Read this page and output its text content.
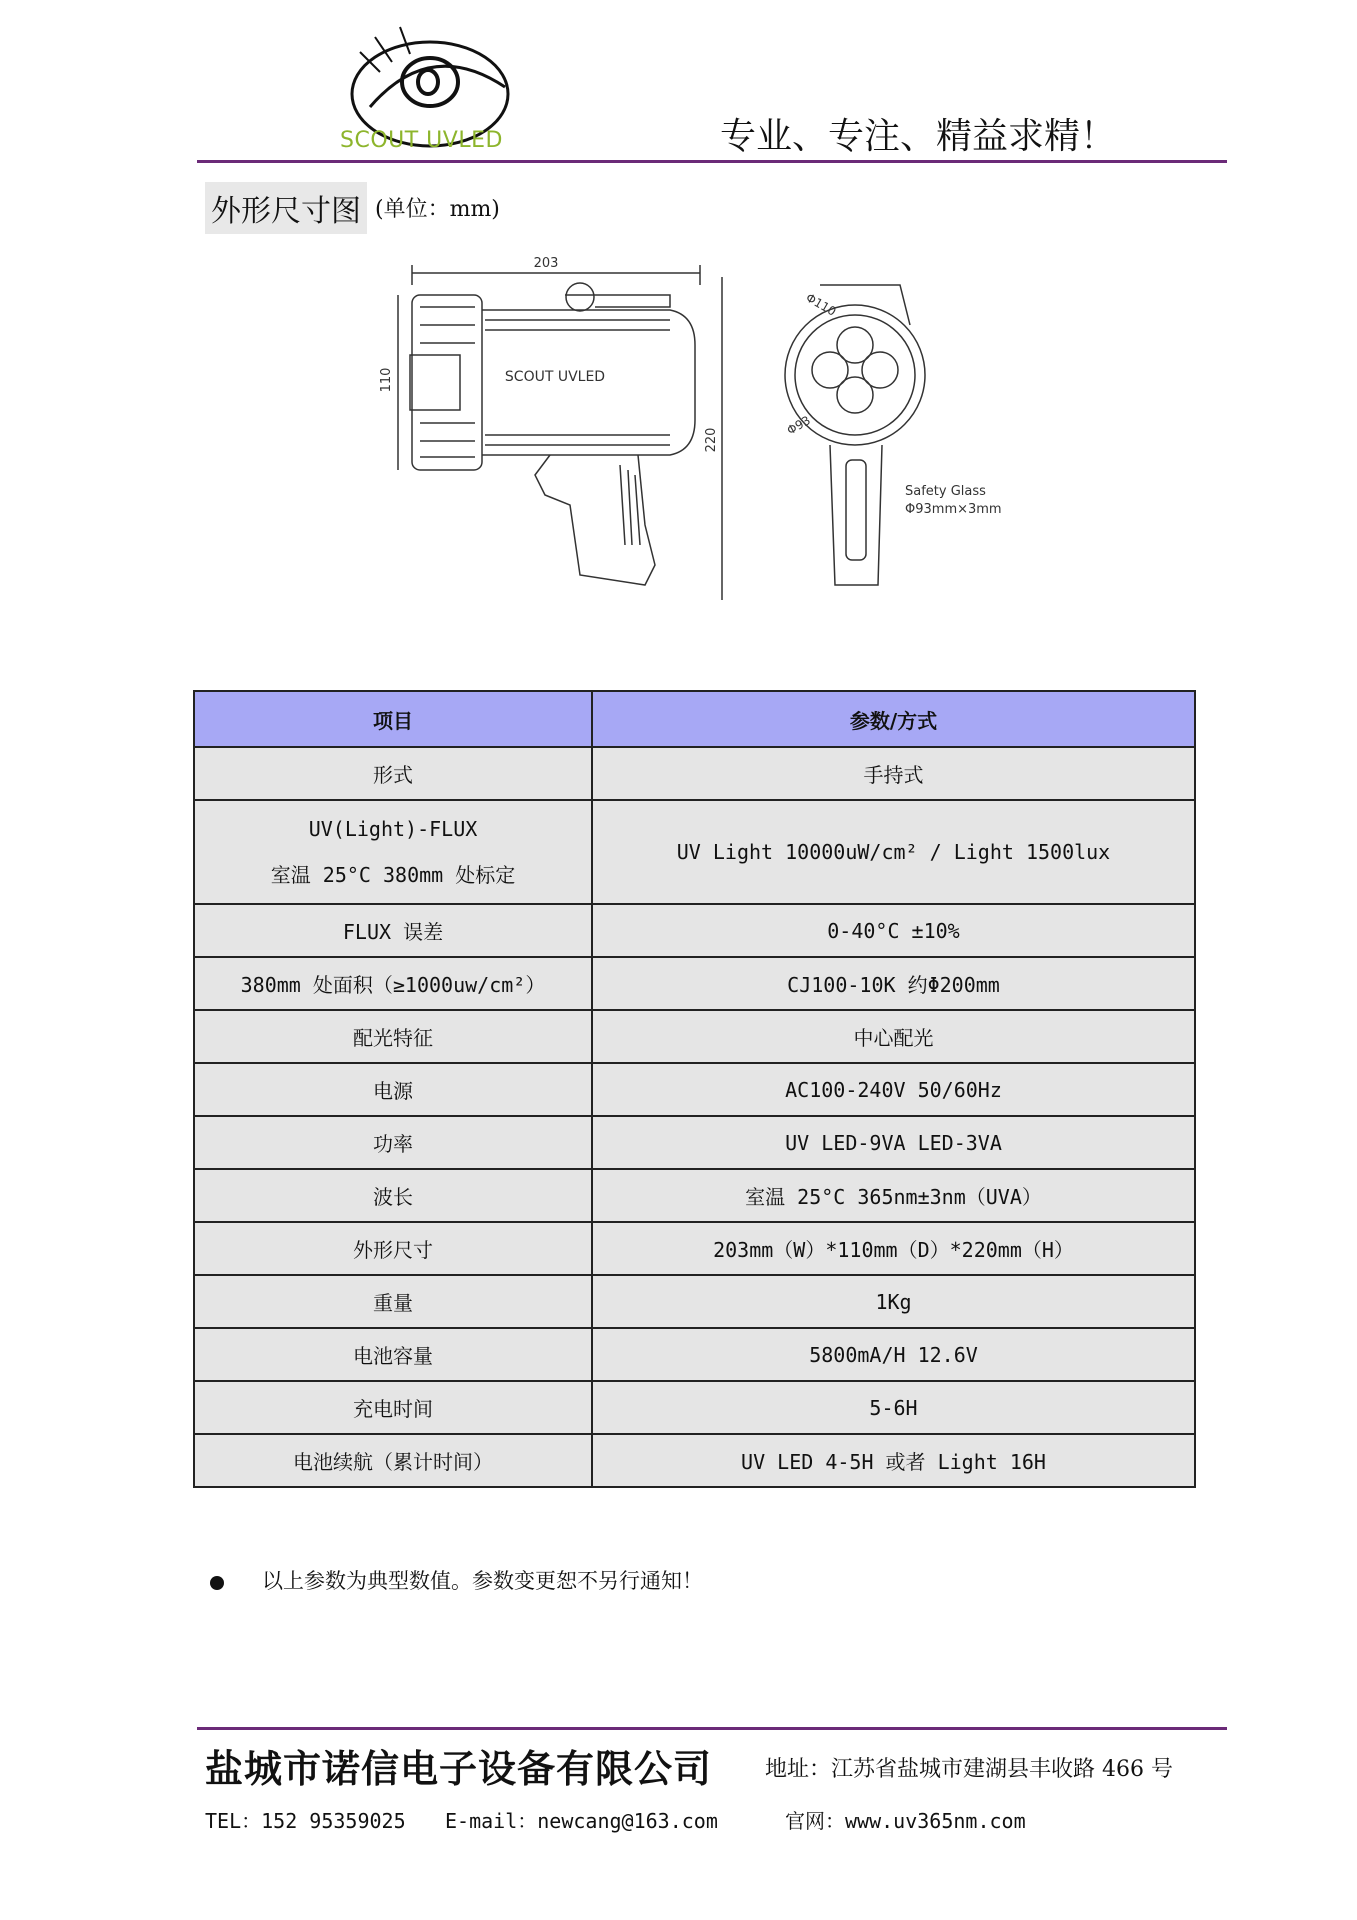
SCOUT UVLED	专业、专注、精益求精！
外形尺寸图 (单位：mm)
203
110
220
SCOUT UVLED
Φ110
Φ93
Safety Glass
Φ93mm×3mm
项目	参数/方式
形式	手持式

UV(Light)-FLUX
室温 25°C 380mm 处标定	UV Light 10000uW/cm² / Light 1500lux
FLUX 误差	0-40°C ±10%
380mm 处面积（≥1000uw/cm²）	CJ100-10K 约Φ200mm
配光特征	中心配光
电源	AC100-240V 50/60Hz
功率	UV LED-9VA LED-3VA
波长	室温 25°C 365nm±3nm（UVA）
外形尺寸	203mm（W）*110mm（D）*220mm（H）
重量	1Kg
电池容量	5800mA/H 12.6V
充电时间	5-6H
电池续航（累计时间）	UV LED 4-5H 或者 Light 16H
以上参数为典型数值。参数变更恕不另行通知！
盐城市诺信电子设备有限公司 地址：江苏省盐城市建湖县丰收路 466 号
TEL：152 95359025 E-mail：newcang@163.com	官网：www.uv365nm.com
